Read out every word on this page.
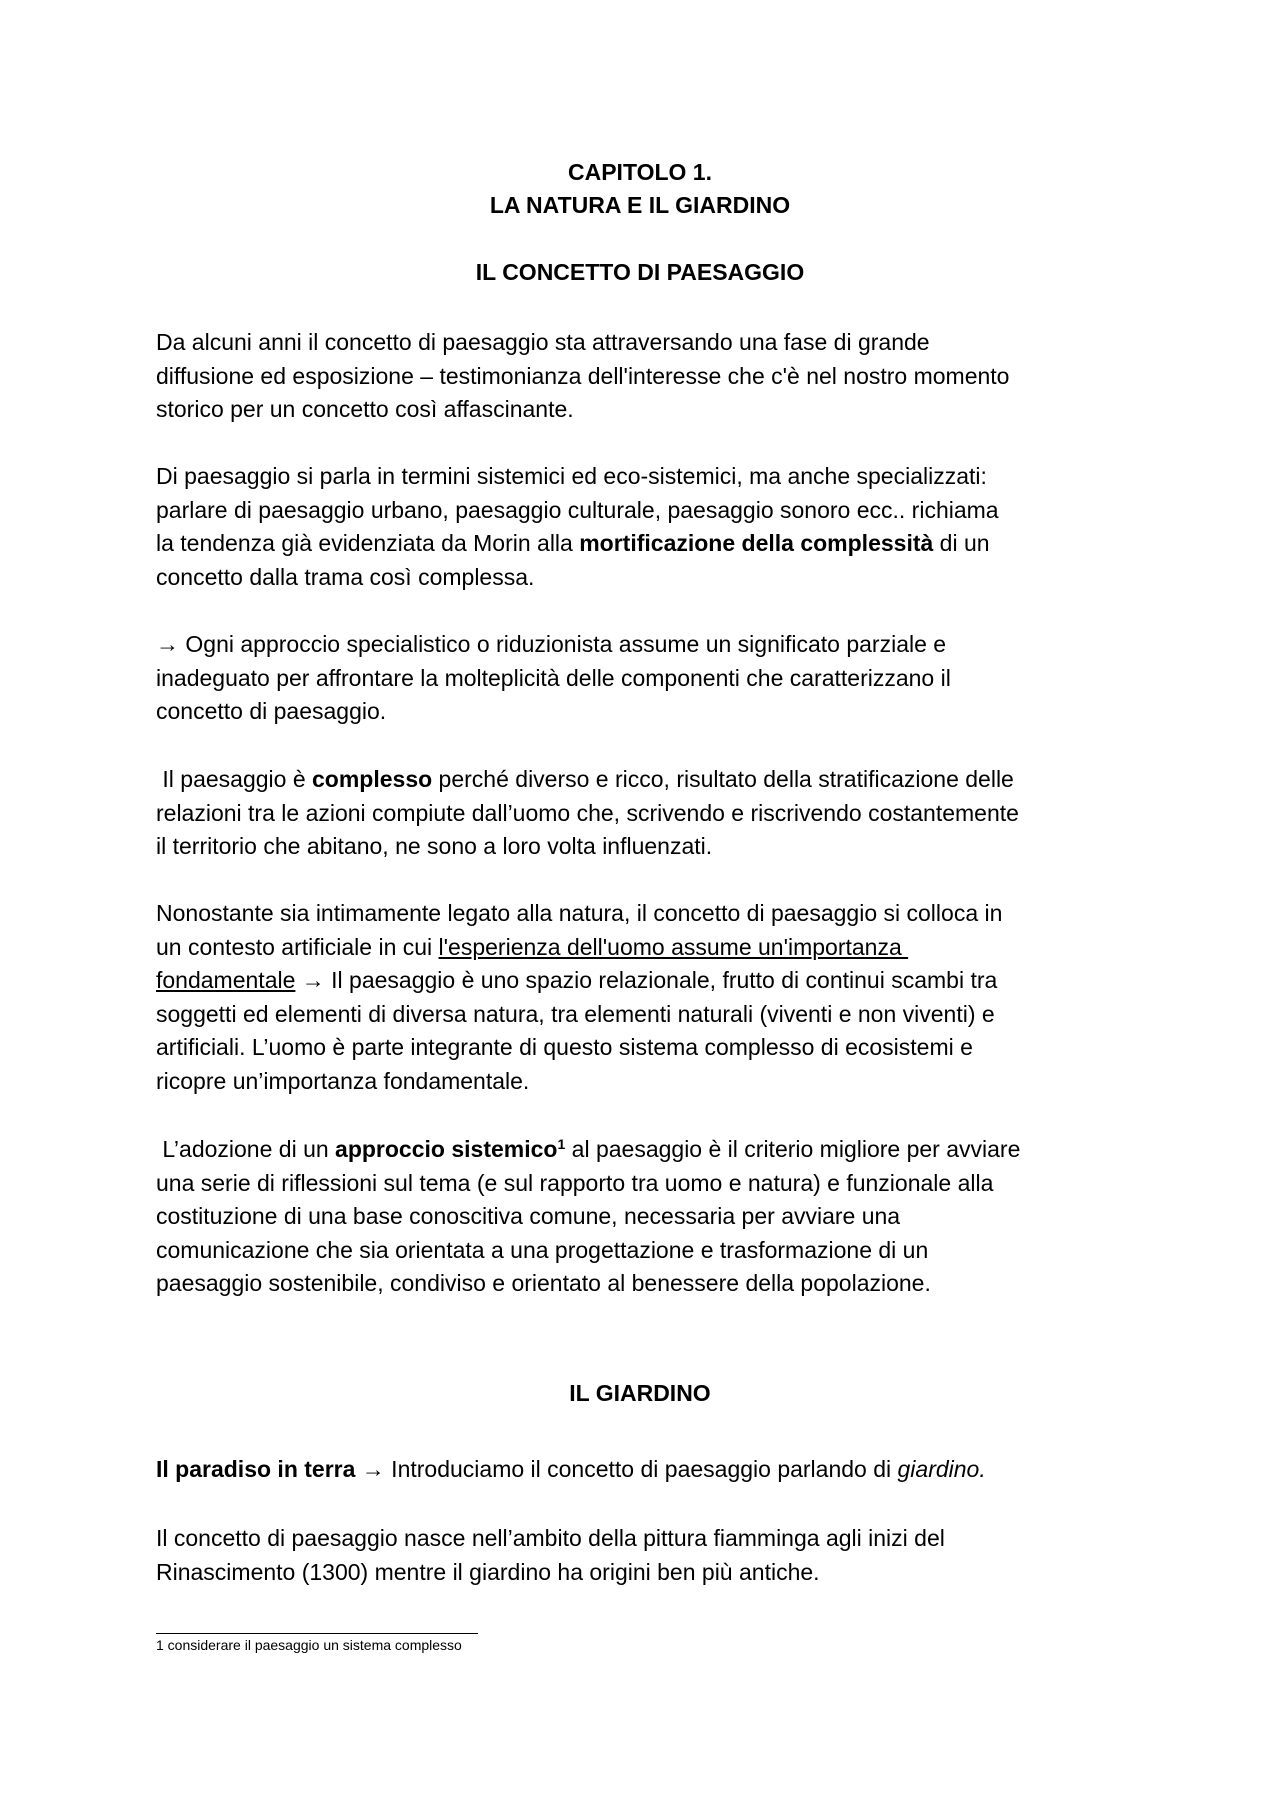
CAPITOLO 1.
LA NATURA E IL GIARDINO
IL CONCETTO DI PAESAGGIO

Da alcuni anni il concetto di paesaggio sta attraversando una fase di grande
diffusione ed esposizione – testimonianza dell'interesse che c'è nel nostro momento
storico per un concetto così affascinante.

Di paesaggio si parla in termini sistemici ed eco-sistemici, ma anche specializzati:
parlare di paesaggio urbano, paesaggio culturale, paesaggio sonoro ecc.. richiama
la tendenza già evidenziata da Morin alla mortificazione della complessità di un
concetto dalla trama così complessa.

→ Ogni approccio specialistico o riduzionista assume un significato parziale e
inadeguato per affrontare la molteplicità delle componenti che caratterizzano il
concetto di paesaggio.

Il paesaggio è complesso perché diverso e ricco, risultato della stratificazione delle
relazioni tra le azioni compiute dall’uomo che, scrivendo e riscrivendo costantemente
il territorio che abitano, ne sono a loro volta influenzati.

Nonostante sia intimamente legato alla natura, il concetto di paesaggio si colloca in
un contesto artificiale in cui l'esperienza dell'uomo assume un'importanza
fondamentale → Il paesaggio è uno spazio relazionale, frutto di continui scambi tra
soggetti ed elementi di diversa natura, tra elementi naturali (viventi e non viventi) e
artificiali. L’uomo è parte integrante di questo sistema complesso di ecosistemi e
ricopre un’importanza fondamentale.

L’adozione di un approccio sistemico$^1$ al paesaggio è il criterio migliore per avviare
una serie di riflessioni sul tema (e sul rapporto tra uomo e natura) e funzionale alla
costituzione di una base conoscitiva comune, necessaria per avviare una
comunicazione che sia orientata a una progettazione e trasformazione di un
paesaggio sostenibile, condiviso e orientato al benessere della popolazione.

IL GIARDINO

Il paradiso in terra → Introduciamo il concetto di paesaggio parlando di giardino.

Il concetto di paesaggio nasce nell’ambito della pittura fiamminga agli inizi del
Rinascimento (1300) mentre il giardino ha origini ben più antiche.

1 considerare il paesaggio un sistema complesso
